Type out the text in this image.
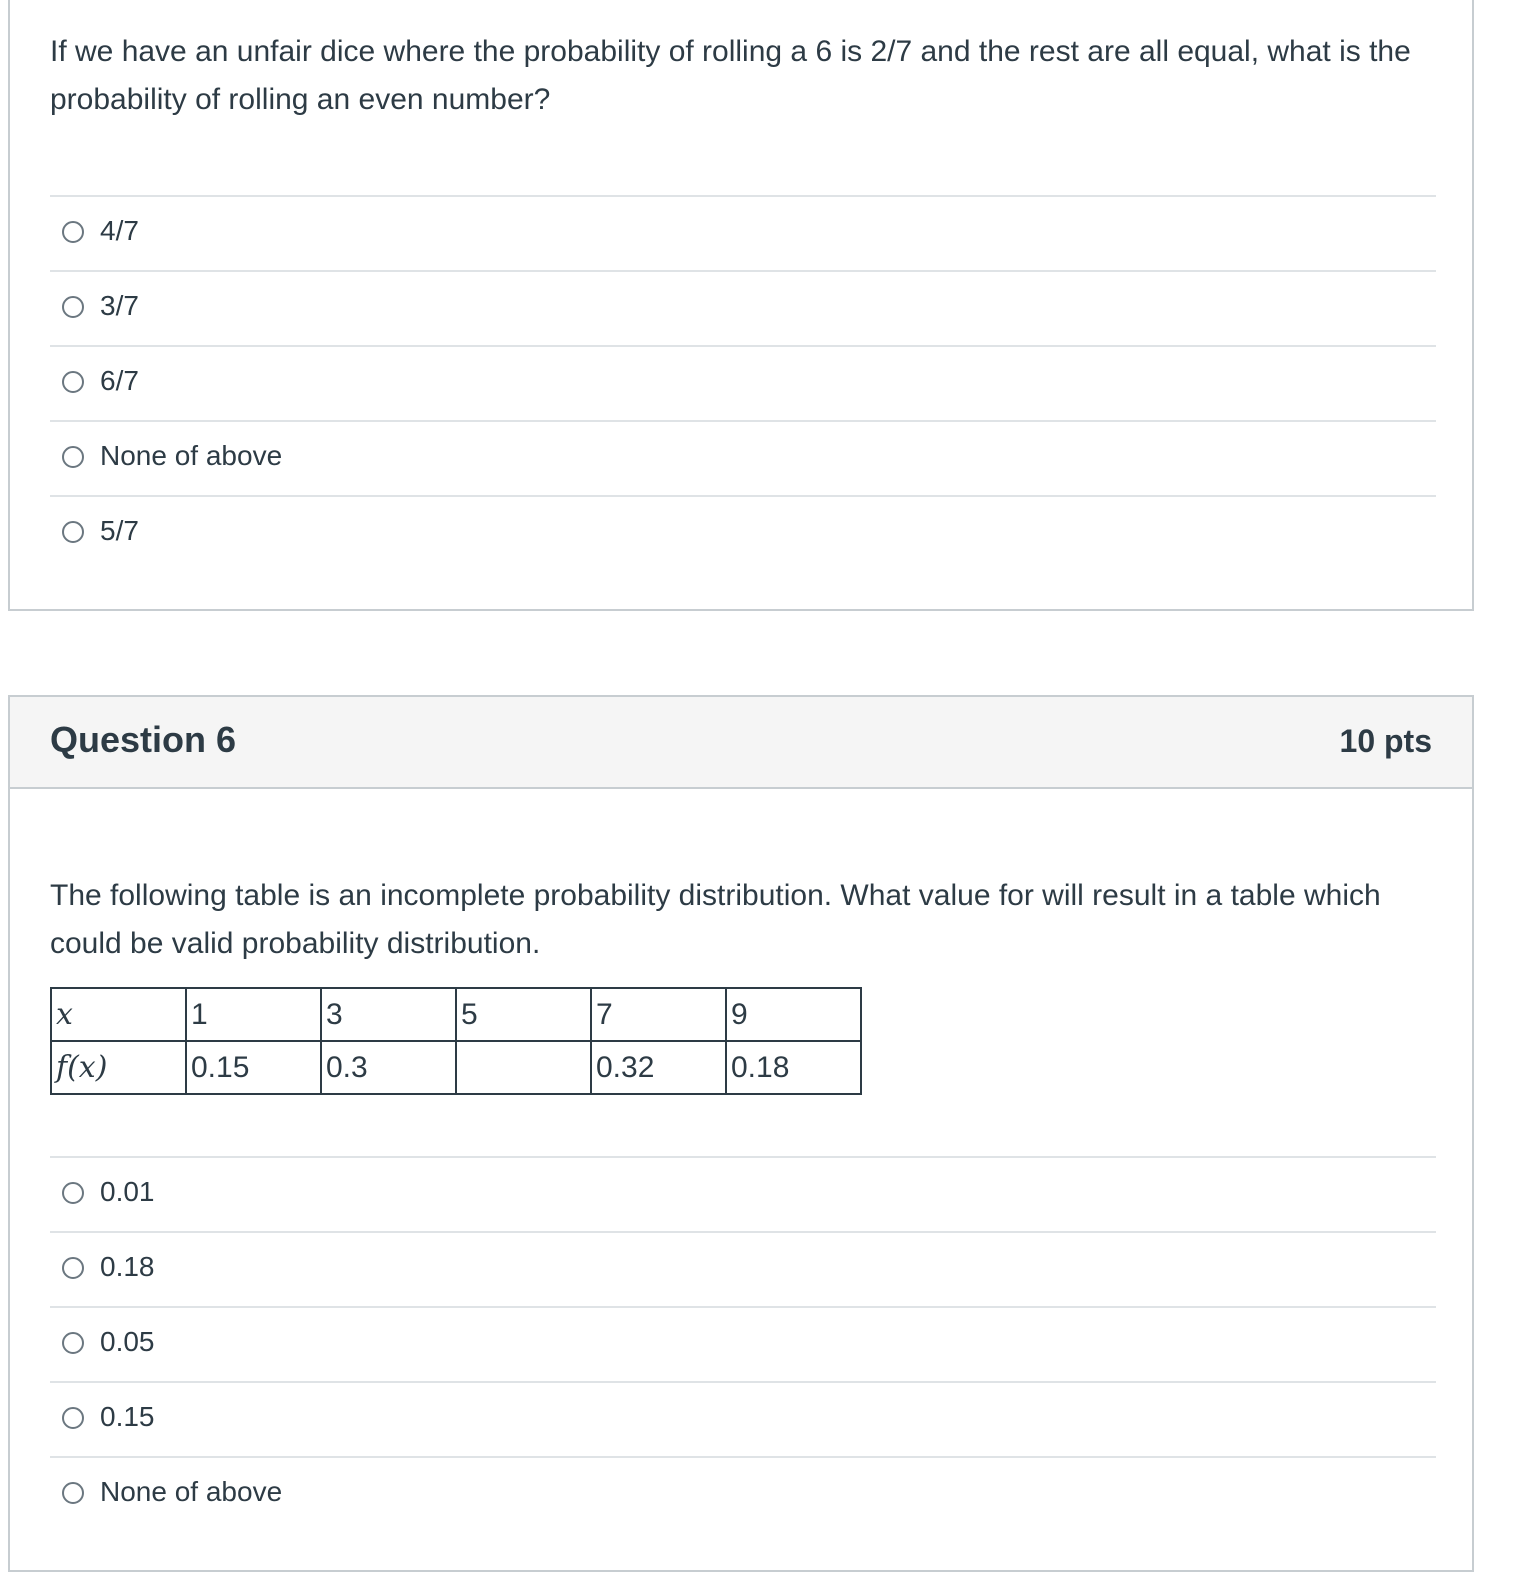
If we have an unfair dice where the probability of rolling a 6 is 2/7 and the rest are all equal, what is the probability of rolling an even number?
4/7
3/7
6/7
None of above
5/7
Question 6	10 pts
The following table is an incomplete probability distribution. What value for will result in a table which could be valid probability distribution.
x	1	3	5	7	9
f(x)	0.15	0.3		0.32	0.18
0.01
0.18
0.05
0.15
None of above
